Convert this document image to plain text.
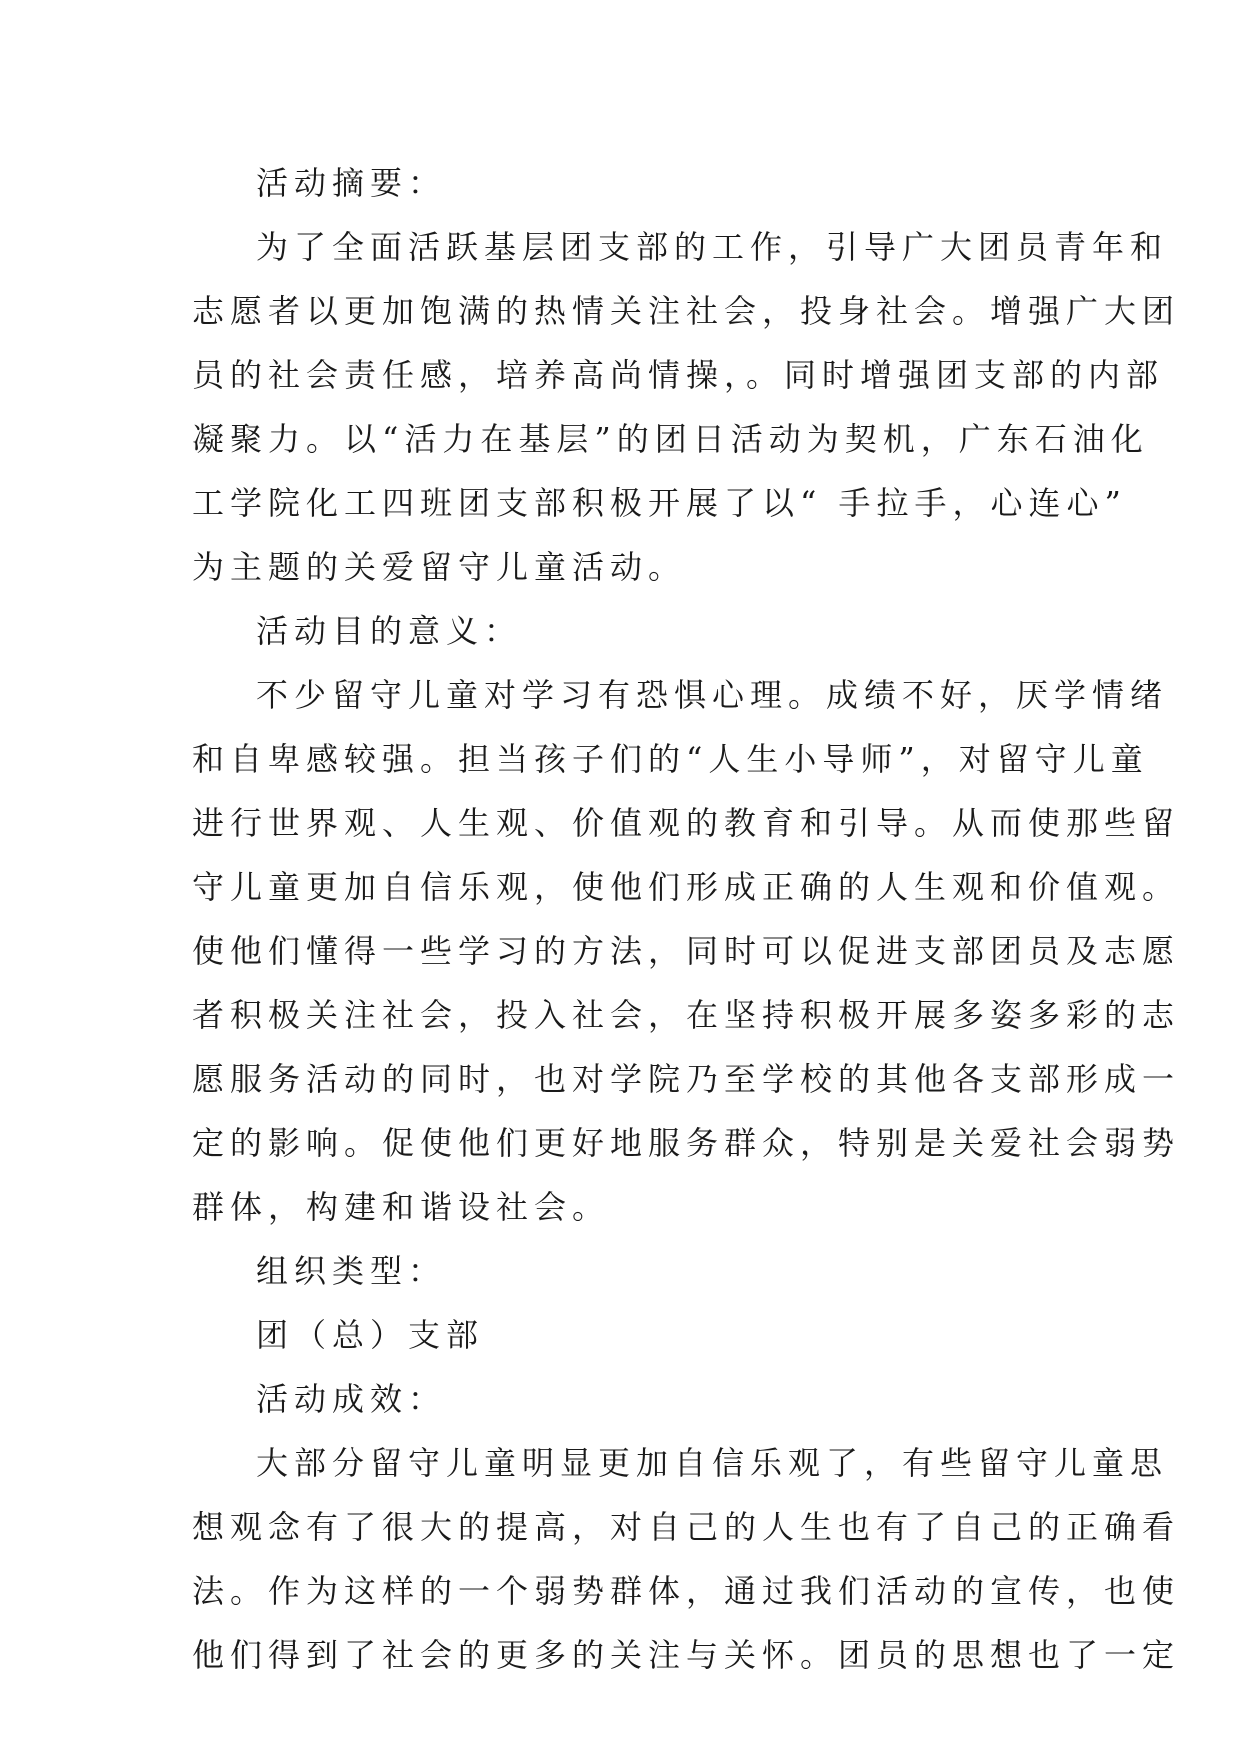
活动摘要：
为了全面活跃基层团支部的工作，引导广大团员青年和
志愿者以更加饱满的热情关注社会，投身社会。增强广大团
员的社会责任感，培养高尚情操，。同时增强团支部的内部
凝聚力。以“活力在基层”的团日活动为契机，广东石油化
工学院化工四班团支部积极开展了以“ 手拉手，心连心”
为主题的关爱留守儿童活动。
活动目的意义：
不少留守儿童对学习有恐惧心理。成绩不好，厌学情绪
和自卑感较强。担当孩子们的“人生小导师”，对留守儿童
进行世界观、人生观、价值观的教育和引导。从而使那些留
守儿童更加自信乐观，使他们形成正确的人生观和价值观。
使他们懂得一些学习的方法，同时可以促进支部团员及志愿
者积极关注社会，投入社会，在坚持积极开展多姿多彩的志
愿服务活动的同时，也对学院乃至学校的其他各支部形成一
定的影响。促使他们更好地服务群众，特别是关爱社会弱势
群体，构建和谐设社会。
组织类型：
团（总）支部
活动成效：
大部分留守儿童明显更加自信乐观了，有些留守儿童思
想观念有了很大的提高，对自己的人生也有了自己的正确看
法。作为这样的一个弱势群体，通过我们活动的宣传，也使
他们得到了社会的更多的关注与关怀。团员的思想也了一定
